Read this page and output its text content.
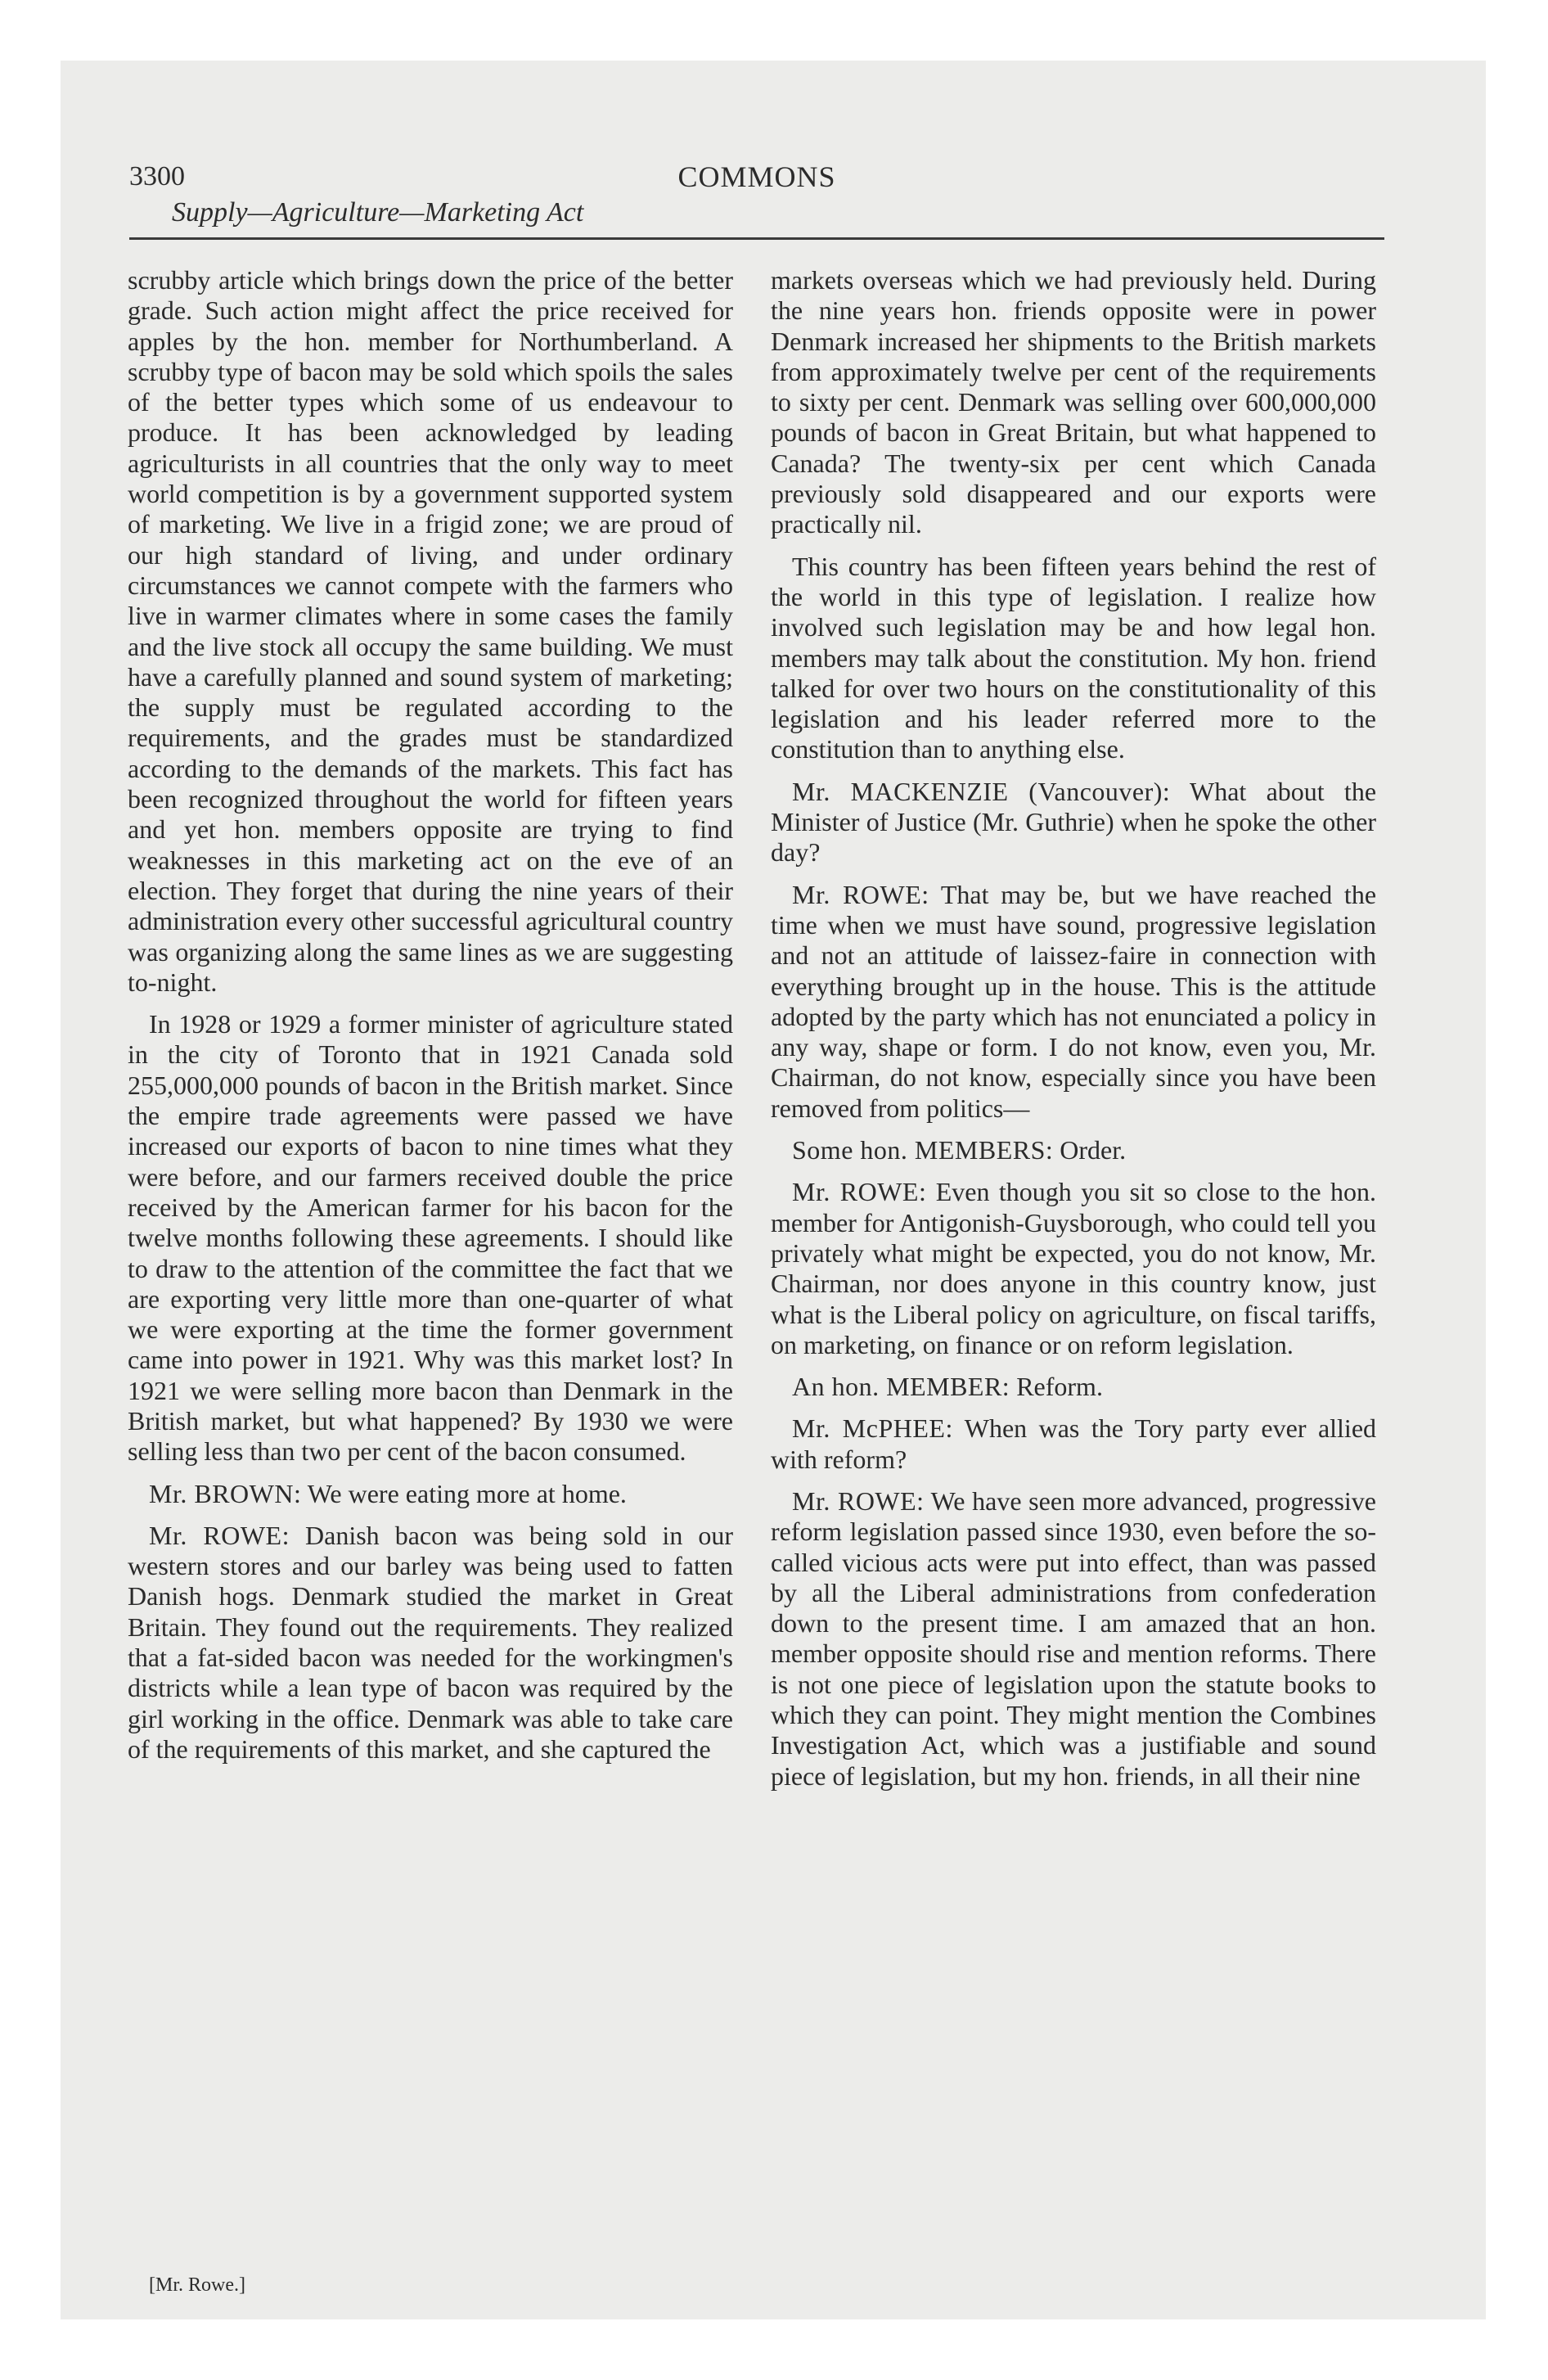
3300	COMMONS
Supply—Agriculture—Marketing Act

scrubby article which brings down the price of the better grade. Such action might affect the price received for apples by the hon. member for Northumberland. A scrubby type of bacon may be sold which spoils the sales of the better types which some of us endeavour to produce. It has been acknowledged by leading agriculturists in all countries that the only way to meet world competition is by a government supported system of marketing. We live in a frigid zone; we are proud of our high standard of living, and under ordinary circumstances we cannot compete with the farmers who live in warmer climates where in some cases the family and the live stock all occupy the same building. We must have a carefully planned and sound system of marketing; the supply must be regulated according to the requirements, and the grades must be standardized according to the demands of the markets. This fact has been recognized throughout the world for fifteen years and yet hon. members opposite are trying to find weaknesses in this marketing act on the eve of an election. They forget that during the nine years of their administration every other successful agricultural country was organizing along the same lines as we are suggesting to-night.

In 1928 or 1929 a former minister of agriculture stated in the city of Toronto that in 1921 Canada sold 255,000,000 pounds of bacon in the British market. Since the empire trade agreements were passed we have increased our exports of bacon to nine times what they were before, and our farmers received double the price received by the American farmer for his bacon for the twelve months following these agreements. I should like to draw to the attention of the committee the fact that we are exporting very little more than one-quarter of what we were exporting at the time the former government came into power in 1921. Why was this market lost? In 1921 we were selling more bacon than Denmark in the British market, but what happened? By 1930 we were selling less than two per cent of the bacon consumed.

Mr. BROWN: We were eating more at home.

Mr. ROWE: Danish bacon was being sold in our western stores and our barley was being used to fatten Danish hogs. Denmark studied the market in Great Britain. They found out the requirements. They realized that a fat-sided bacon was needed for the workingmen's districts while a lean type of bacon was required by the girl working in the office. Denmark was able to take care of the requirements of this market, and she captured the

markets overseas which we had previously held. During the nine years hon. friends opposite were in power Denmark increased her shipments to the British markets from approximately twelve per cent of the requirements to sixty per cent. Denmark was selling over 600,000,000 pounds of bacon in Great Britain, but what happened to Canada? The twenty-six per cent which Canada previously sold disappeared and our exports were practically nil.

This country has been fifteen years behind the rest of the world in this type of legislation. I realize how involved such legislation may be and how legal hon. members may talk about the constitution. My hon. friend talked for over two hours on the constitutionality of this legislation and his leader referred more to the constitution than to anything else.

Mr. MACKENZIE (Vancouver): What about the Minister of Justice (Mr. Guthrie) when he spoke the other day?

Mr. ROWE: That may be, but we have reached the time when we must have sound, progressive legislation and not an attitude of laissez-faire in connection with everything brought up in the house. This is the attitude adopted by the party which has not enunciated a policy in any way, shape or form. I do not know, even you, Mr. Chairman, do not know, especially since you have been removed from politics—

Some hon. MEMBERS: Order.

Mr. ROWE: Even though you sit so close to the hon. member for Antigonish-Guysborough, who could tell you privately what might be expected, you do not know, Mr. Chairman, nor does anyone in this country know, just what is the Liberal policy on agriculture, on fiscal tariffs, on marketing, on finance or on reform legislation.

An hon. MEMBER: Reform.

Mr. McPHEE: When was the Tory party ever allied with reform?

Mr. ROWE: We have seen more advanced, progressive reform legislation passed since 1930, even before the so-called vicious acts were put into effect, than was passed by all the Liberal administrations from confederation down to the present time. I am amazed that an hon. member opposite should rise and mention reforms. There is not one piece of legislation upon the statute books to which they can point. They might mention the Combines Investigation Act, which was a justifiable and sound piece of legislation, but my hon. friends, in all their nine

[Mr. Rowe.]
